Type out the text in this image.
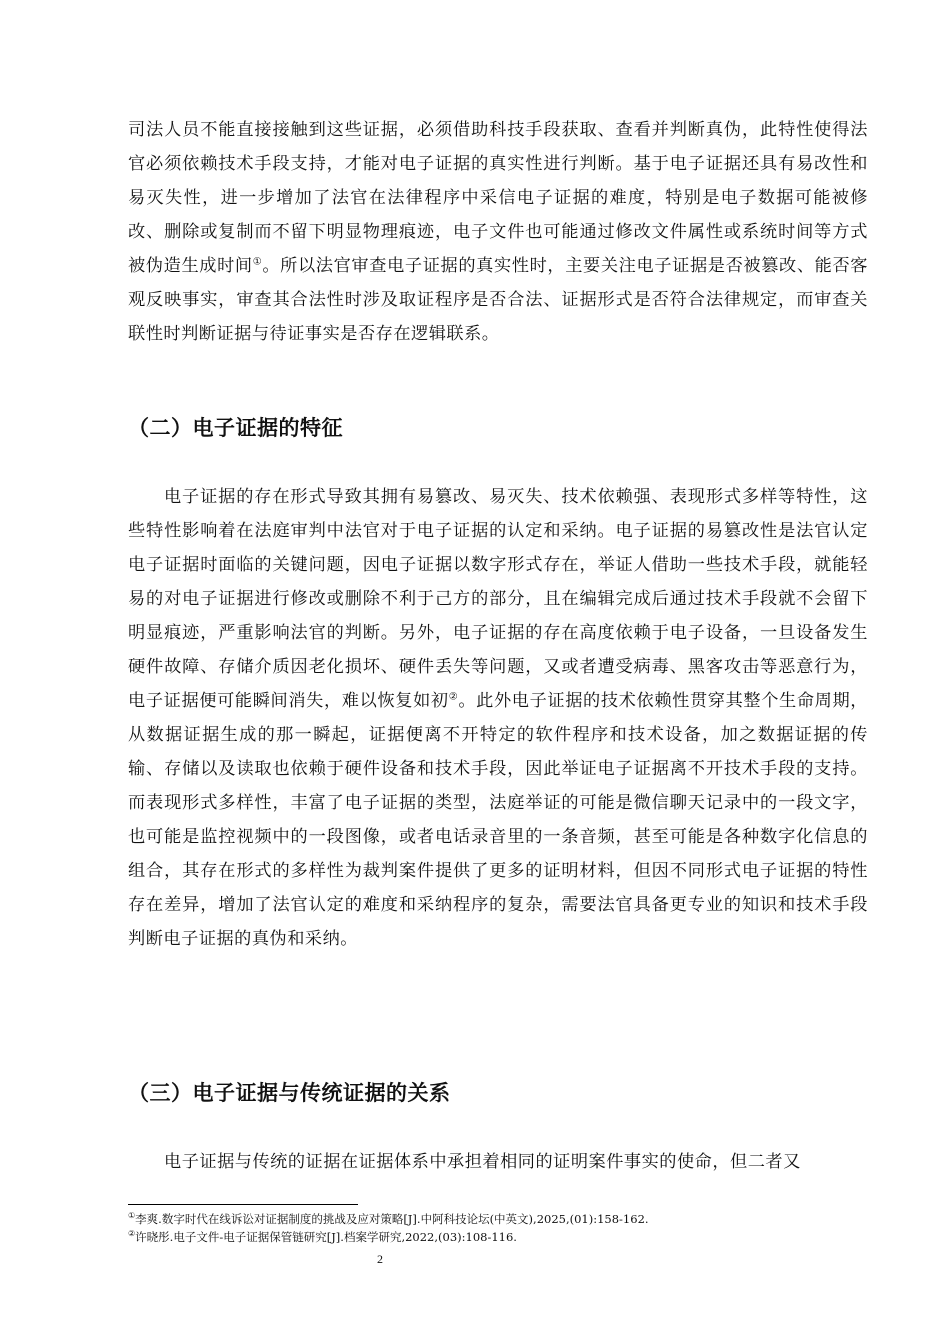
司法人员不能直接接触到这些证据，必须借助科技手段获取、查看并判断真伪，此特性使得法官必须依赖技术手段支持，才能对电子证据的真实性进行判断。基于电子证据还具有易改性和易灭失性，进一步增加了法官在法律程序中采信电子证据的难度，特别是电子数据可能被修改、删除或复制而不留下明显物理痕迹，电子文件也可能通过修改文件属性或系统时间等方式被伪造生成时间①。所以法官审查电子证据的真实性时，主要关注电子证据是否被篡改、能否客观反映事实，审查其合法性时涉及取证程序是否合法、证据形式是否符合法律规定，而审查关联性时判断证据与待证事实是否存在逻辑联系。

（二）电子证据的特征

电子证据的存在形式导致其拥有易篡改、易灭失、技术依赖强、表现形式多样等特性，这些特性影响着在法庭审判中法官对于电子证据的认定和采纳。电子证据的易篡改性是法官认定电子证据时面临的关键问题，因电子证据以数字形式存在，举证人借助一些技术手段，就能轻易的对电子证据进行修改或删除不利于己方的部分，且在编辑完成后通过技术手段就不会留下明显痕迹，严重影响法官的判断。另外，电子证据的存在高度依赖于电子设备，一旦设备发生硬件故障、存储介质因老化损坏、硬件丢失等问题，又或者遭受病毒、黑客攻击等恶意行为，电子证据便可能瞬间消失，难以恢复如初②。此外电子证据的技术依赖性贯穿其整个生命周期，从数据证据生成的那一瞬起，证据便离不开特定的软件程序和技术设备，加之数据证据的传输、存储以及读取也依赖于硬件设备和技术手段，因此举证电子证据离不开技术手段的支持。而表现形式多样性，丰富了电子证据的类型，法庭举证的可能是微信聊天记录中的一段文字，也可能是监控视频中的一段图像，或者电话录音里的一条音频，甚至可能是各种数字化信息的组合，其存在形式的多样性为裁判案件提供了更多的证明材料，但因不同形式电子证据的特性存在差异，增加了法官认定的难度和采纳程序的复杂，需要法官具备更专业的知识和技术手段判断电子证据的真伪和采纳。

（三）电子证据与传统证据的关系

电子证据与传统的证据在证据体系中承担着相同的证明案件事实的使命，但二者又

①李爽.数字时代在线诉讼对证据制度的挑战及应对策略[J].中阿科技论坛(中英文),2025,(01):158-162.

②许晓彤.电子文件-电子证据保管链研究[J].档案学研究,2022,(03):108-116.

2
